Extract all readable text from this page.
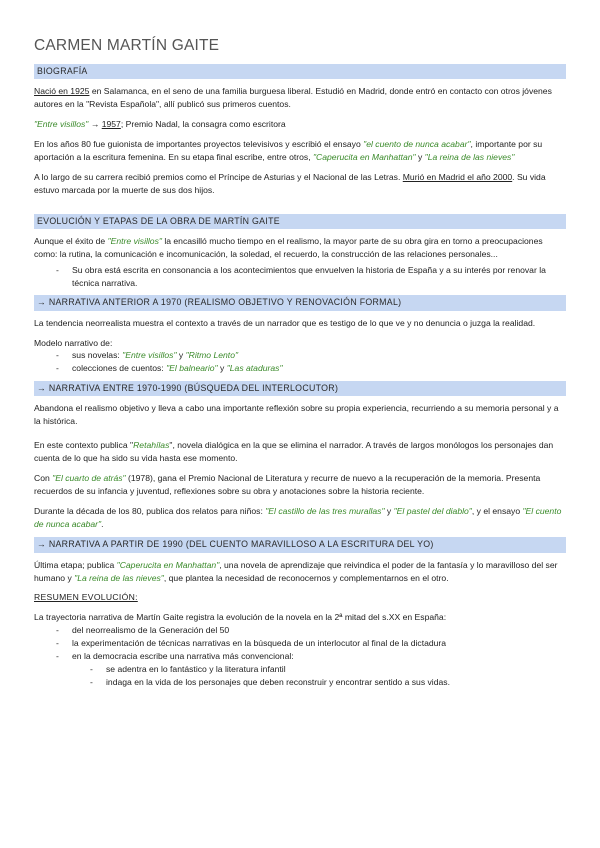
CARMEN MARTÍN GAITE
BIOGRAFÍA

Nació en 1925 en Salamanca, en el seno de una familia burguesa liberal. Estudió en Madrid, donde entró en contacto con otros jóvenes autores en la "Revista Española", allí publicó sus primeros cuentos.

"Entre visillos" → 1957; Premio Nadal, la consagra como escritora

En los años 80 fue guionista de importantes proyectos televisivos y escribió el ensayo "el cuento de nunca acabar", importante por su aportación a la escritura femenina. En su etapa final escribe, entre otros, "Caperucita en Manhattan" y "La reina de las nieves"

A lo largo de su carrera recibió premios como el Príncipe de Asturias y el Nacional de las Letras. Murió en Madrid el año 2000. Su vida estuvo marcada por la muerte de sus dos hijos.

EVOLUCIÓN Y ETAPAS DE LA OBRA DE MARTÍN GAITE

Aunque el éxito de "Entre visillos" la encasilló mucho tiempo en el realismo, la mayor parte de su obra gira en torno a preocupaciones como: la rutina, la comunicación e incomunicación, la soledad, el recuerdo, la construcción de las relaciones personales...

- Su obra está escrita en consonancia a los acontecimientos que envuelven la historia de España y a su interés por renovar la técnica narrativa.
→ NARRATIVA ANTERIOR A 1970 (REALISMO OBJETIVO Y RENOVACIÓN FORMAL)

La tendencia neorrealista muestra el contexto a través de un narrador que es testigo de lo que ve y no denuncia o juzga la realidad.

Modelo narrativo de:

- sus novelas: "Entre visillos" y "Ritmo Lento"
- colecciones de cuentos: "El balneario" y "Las ataduras"
→ NARRATIVA ENTRE 1970-1990 (BÚSQUEDA DEL INTERLOCUTOR)

Abandona el realismo objetivo y lleva a cabo una importante reflexión sobre su propia experiencia, recurriendo a su memoria personal y a la histórica.

En este contexto publica "Retahílas", novela dialógica en la que se elimina el narrador. A través de largos monólogos los personajes dan cuenta de lo que ha sido su vida hasta ese momento.

Con "El cuarto de atrás" (1978), gana el Premio Nacional de Literatura y recurre de nuevo a la recuperación de la memoria. Presenta recuerdos de su infancia y juventud, reflexiones sobre su obra y anotaciones sobre la historia reciente.

Durante la década de los 80, publica dos relatos para niños: "El castillo de las tres murallas" y "El pastel del diablo", y el ensayo "El cuento de nunca acabar".

→ NARRATIVA A PARTIR DE 1990 (DEL CUENTO MARAVILLOSO A LA ESCRITURA DEL YO)

Última etapa; publica "Caperucita en Manhattan", una novela de aprendizaje que reivindica el poder de la fantasía y lo maravilloso del ser humano y "La reina de las nieves", que plantea la necesidad de reconocernos y complementarnos en el otro.

RESUMEN EVOLUCIÓN:

La trayectoria narrativa de Martín Gaite registra la evolución de la novela en la 2ª mitad del s.XX en España:

- del neorrealismo de la Generación del 50
- la experimentación de técnicas narrativas en la búsqueda de un interlocutor al final de la dictadura
- en la democracia escribe una narrativa más convencional:
- se adentra en lo fantástico y la literatura infantil
- indaga en la vida de los personajes que deben reconstruir y encontrar sentido a sus vidas.
